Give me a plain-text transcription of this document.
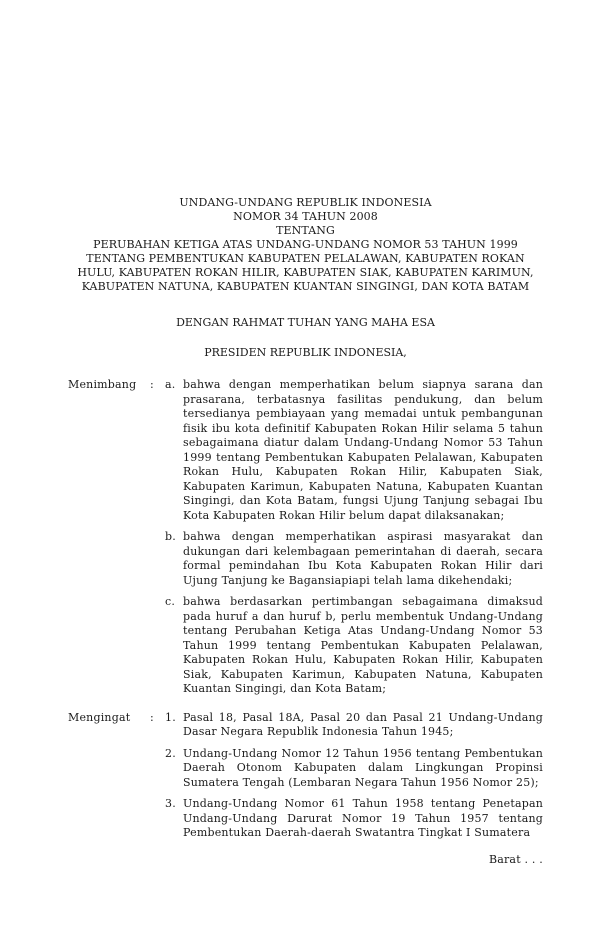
UNDANG-UNDANG REPUBLIK INDONESIA
NOMOR 34 TAHUN 2008
TENTANG
PERUBAHAN KETIGA ATAS UNDANG-UNDANG NOMOR 53 TAHUN 1999
TENTANG PEMBENTUKAN KABUPATEN PELALAWAN, KABUPATEN ROKAN
HULU, KABUPATEN ROKAN HILIR, KABUPATEN SIAK, KABUPATEN KARIMUN,
KABUPATEN NATUNA, KABUPATEN KUANTAN SINGINGI, DAN KOTA BATAM
DENGAN RAHMAT TUHAN YANG MAHA ESA
PRESIDEN REPUBLIK INDONESIA,
Menimbang	:	a. bahwa dengan memperhatikan belum siapnya sarana dan prasarana, terbatasnya fasilitas pendukung, dan belum tersedianya pembiayaan yang memadai untuk pembangunan fisik ibu kota definitif Kabupaten Rokan Hilir selama 5 tahun sebagaimana diatur dalam Undang-Undang Nomor 53 Tahun 1999 tentang Pembentukan Kabupaten Pelalawan, Kabupaten Rokan Hulu, Kabupaten Rokan Hilir, Kabupaten Siak, Kabupaten Karimun, Kabupaten Natuna, Kabupaten Kuantan Singingi, dan Kota Batam, fungsi Ujung Tanjung sebagai Ibu Kota Kabupaten Rokan Hilir belum dapat dilaksanakan;
b. bahwa dengan memperhatikan aspirasi masyarakat dan dukungan dari kelembagaan pemerintahan di daerah, secara formal pemindahan Ibu Kota Kabupaten Rokan Hilir dari Ujung Tanjung ke Bagansiapiapi telah lama dikehendaki;
c. bahwa berdasarkan pertimbangan sebagaimana dimaksud pada huruf a dan huruf b, perlu membentuk Undang-Undang tentang Perubahan Ketiga Atas Undang-Undang Nomor 53 Tahun 1999 tentang Pembentukan Kabupaten Pelalawan, Kabupaten Rokan Hulu, Kabupaten Rokan Hilir, Kabupaten Siak, Kabupaten Karimun, Kabupaten Natuna, Kabupaten Kuantan Singingi, dan Kota Batam;
Mengingat	:	1. Pasal 18, Pasal 18A, Pasal 20 dan Pasal 21 Undang-Undang Dasar Negara Republik Indonesia Tahun 1945;
2. Undang-Undang Nomor 12 Tahun 1956 tentang Pembentukan Daerah Otonom Kabupaten dalam Lingkungan Propinsi Sumatera Tengah (Lembaran Negara Tahun 1956 Nomor 25);
3. Undang-Undang Nomor 61 Tahun 1958 tentang Penetapan Undang-Undang Darurat Nomor 19 Tahun 1957 tentang Pembentukan Daerah-daerah Swatantra Tingkat I Sumatera
Barat . . .
